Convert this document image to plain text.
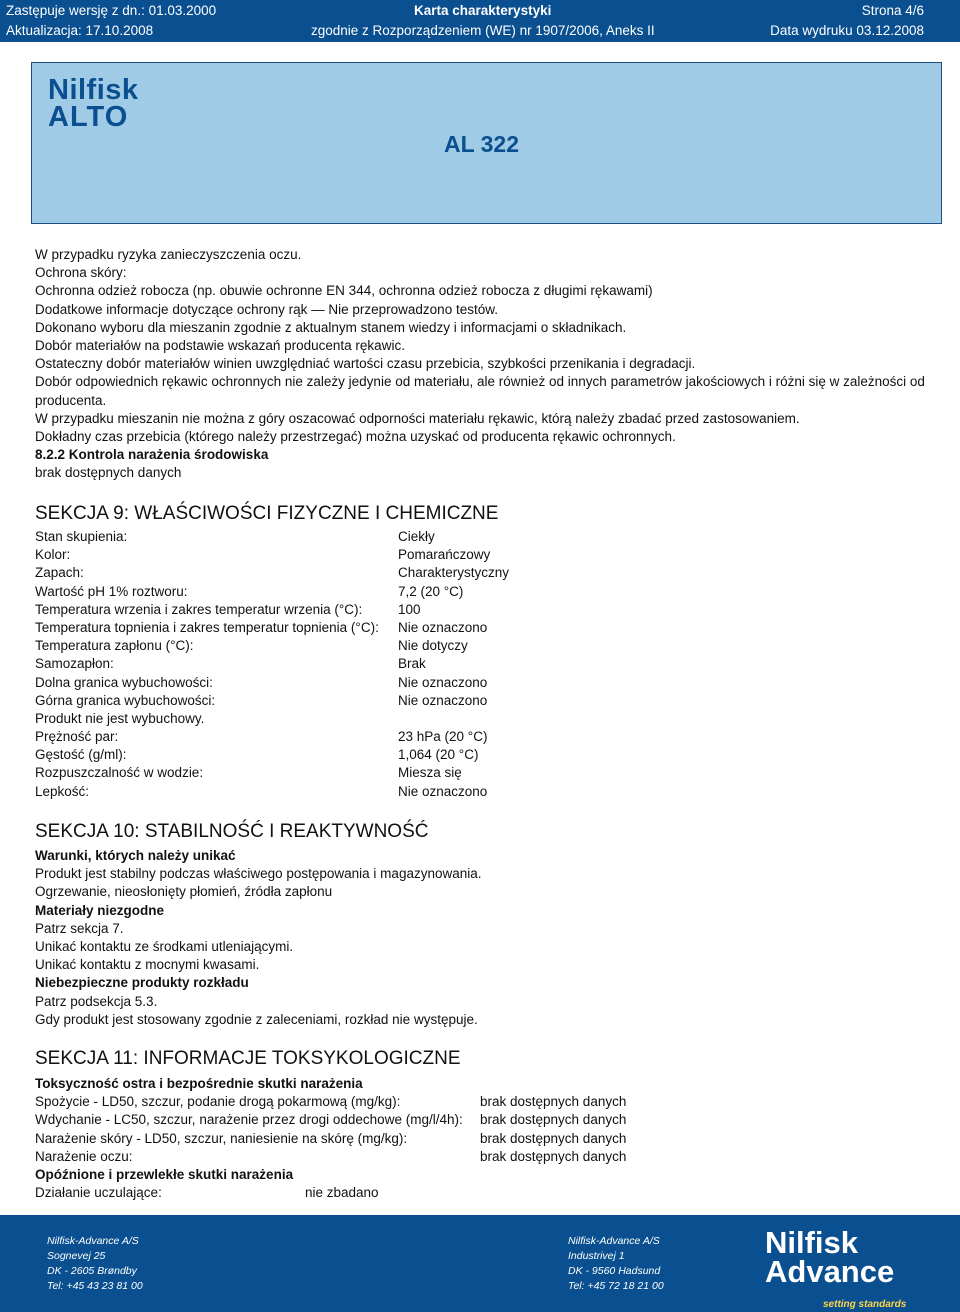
Zastępuje wersję z dn.: 01.03.2000	Karta charakterystyki	Strona 4/6
Aktualizacja: 17.10.2008	zgodnie z Rozporządzeniem (WE) nr 1907/2006, Aneks II	Data wydruku 03.12.2008
Nilfisk
ALTO
AL 322

W przypadku ryzyka zanieczyszczenia oczu.

Ochrona skóry:

Ochronna odzież robocza (np. obuwie ochronne EN 344, ochronna odzież robocza z długimi rękawami)

Dodatkowe informacje dotyczące ochrony rąk — Nie przeprowadzono testów.

Dokonano wyboru dla mieszanin zgodnie z aktualnym stanem wiedzy i informacjami o składnikach.

Dobór materiałów na podstawie wskazań producenta rękawic.

Ostateczny dobór materiałów winien uwzględniać wartości czasu przebicia, szybkości przenikania i degradacji.

Dobór odpowiednich rękawic ochronnych nie zależy jedynie od materiału, ale również od innych parametrów jakościowych i różni się w zależności od producenta.

W przypadku mieszanin nie można z góry oszacować odporności materiału rękawic, którą należy zbadać przed zastosowaniem.

Dokładny czas przebicia (którego należy przestrzegać) można uzyskać od producenta rękawic ochronnych.

8.2.2 Kontrola narażenia środowiska

brak dostępnych danych

SEKCJA 9: WŁAŚCIWOŚCI FIZYCZNE I CHEMICZNE
Stan skupienia:	Ciekły
Kolor:	Pomarańczowy
Zapach:	Charakterystyczny
Wartość pH 1% roztworu:	7,2 (20 °C)
Temperatura wrzenia i zakres temperatur wrzenia (°C):	100
Temperatura topnienia i zakres temperatur topnienia (°C): Nie oznaczono
Temperatura zapłonu (°C):	Nie dotyczy
Samozapłon:	Brak
Dolna granica wybuchowości:	Nie oznaczono
Górna granica wybuchowości:	Nie oznaczono
Produkt nie jest wybuchowy.
Prężność par:	23 hPa (20 °C)
Gęstość (g/ml):	1,064 (20 °C)
Rozpuszczalność w wodzie:	Miesza się
Lepkość:	Nie oznaczono
SEKCJA 10: STABILNOŚĆ I REAKTYWNOŚĆ

Warunki, których należy unikać

Produkt jest stabilny podczas właściwego postępowania i magazynowania.

Ogrzewanie, nieosłonięty płomień, źródła zapłonu

Materiały niezgodne

Patrz sekcja 7.

Unikać kontaktu ze środkami utleniającymi.

Unikać kontaktu z mocnymi kwasami.

Niebezpieczne produkty rozkładu

Patrz podsekcja 5.3.

Gdy produkt jest stosowany zgodnie z zaleceniami, rozkład nie występuje.

SEKCJA 11: INFORMACJE TOKSYKOLOGICZNE

Toksyczność ostra i bezpośrednie skutki narażenia

Spożycie - LD50, szczur, podanie drogą pokarmową (mg/kg):	brak dostępnych danych
Wdychanie - LC50, szczur, narażenie przez drogi oddechowe (mg/l/4h): brak dostępnych danych
Narażenie skóry - LD50, szczur, naniesienie na skórę (mg/kg):	brak dostępnych danych
Narażenie oczu:	brak dostępnych danych

Opóźnione i przewlekłe skutki narażenia

Działanie uczulające:	nie zbadano
Nilfisk-Advance A/S
Sognevej 25
DK - 2605 Brøndby
Tel: +45 43 23 81 00
Nilfisk-Advance A/S
Industrivej 1
DK - 9560 Hadsund
Tel: +45 72 18 21 00
Nilfisk
Advance
setting standards
